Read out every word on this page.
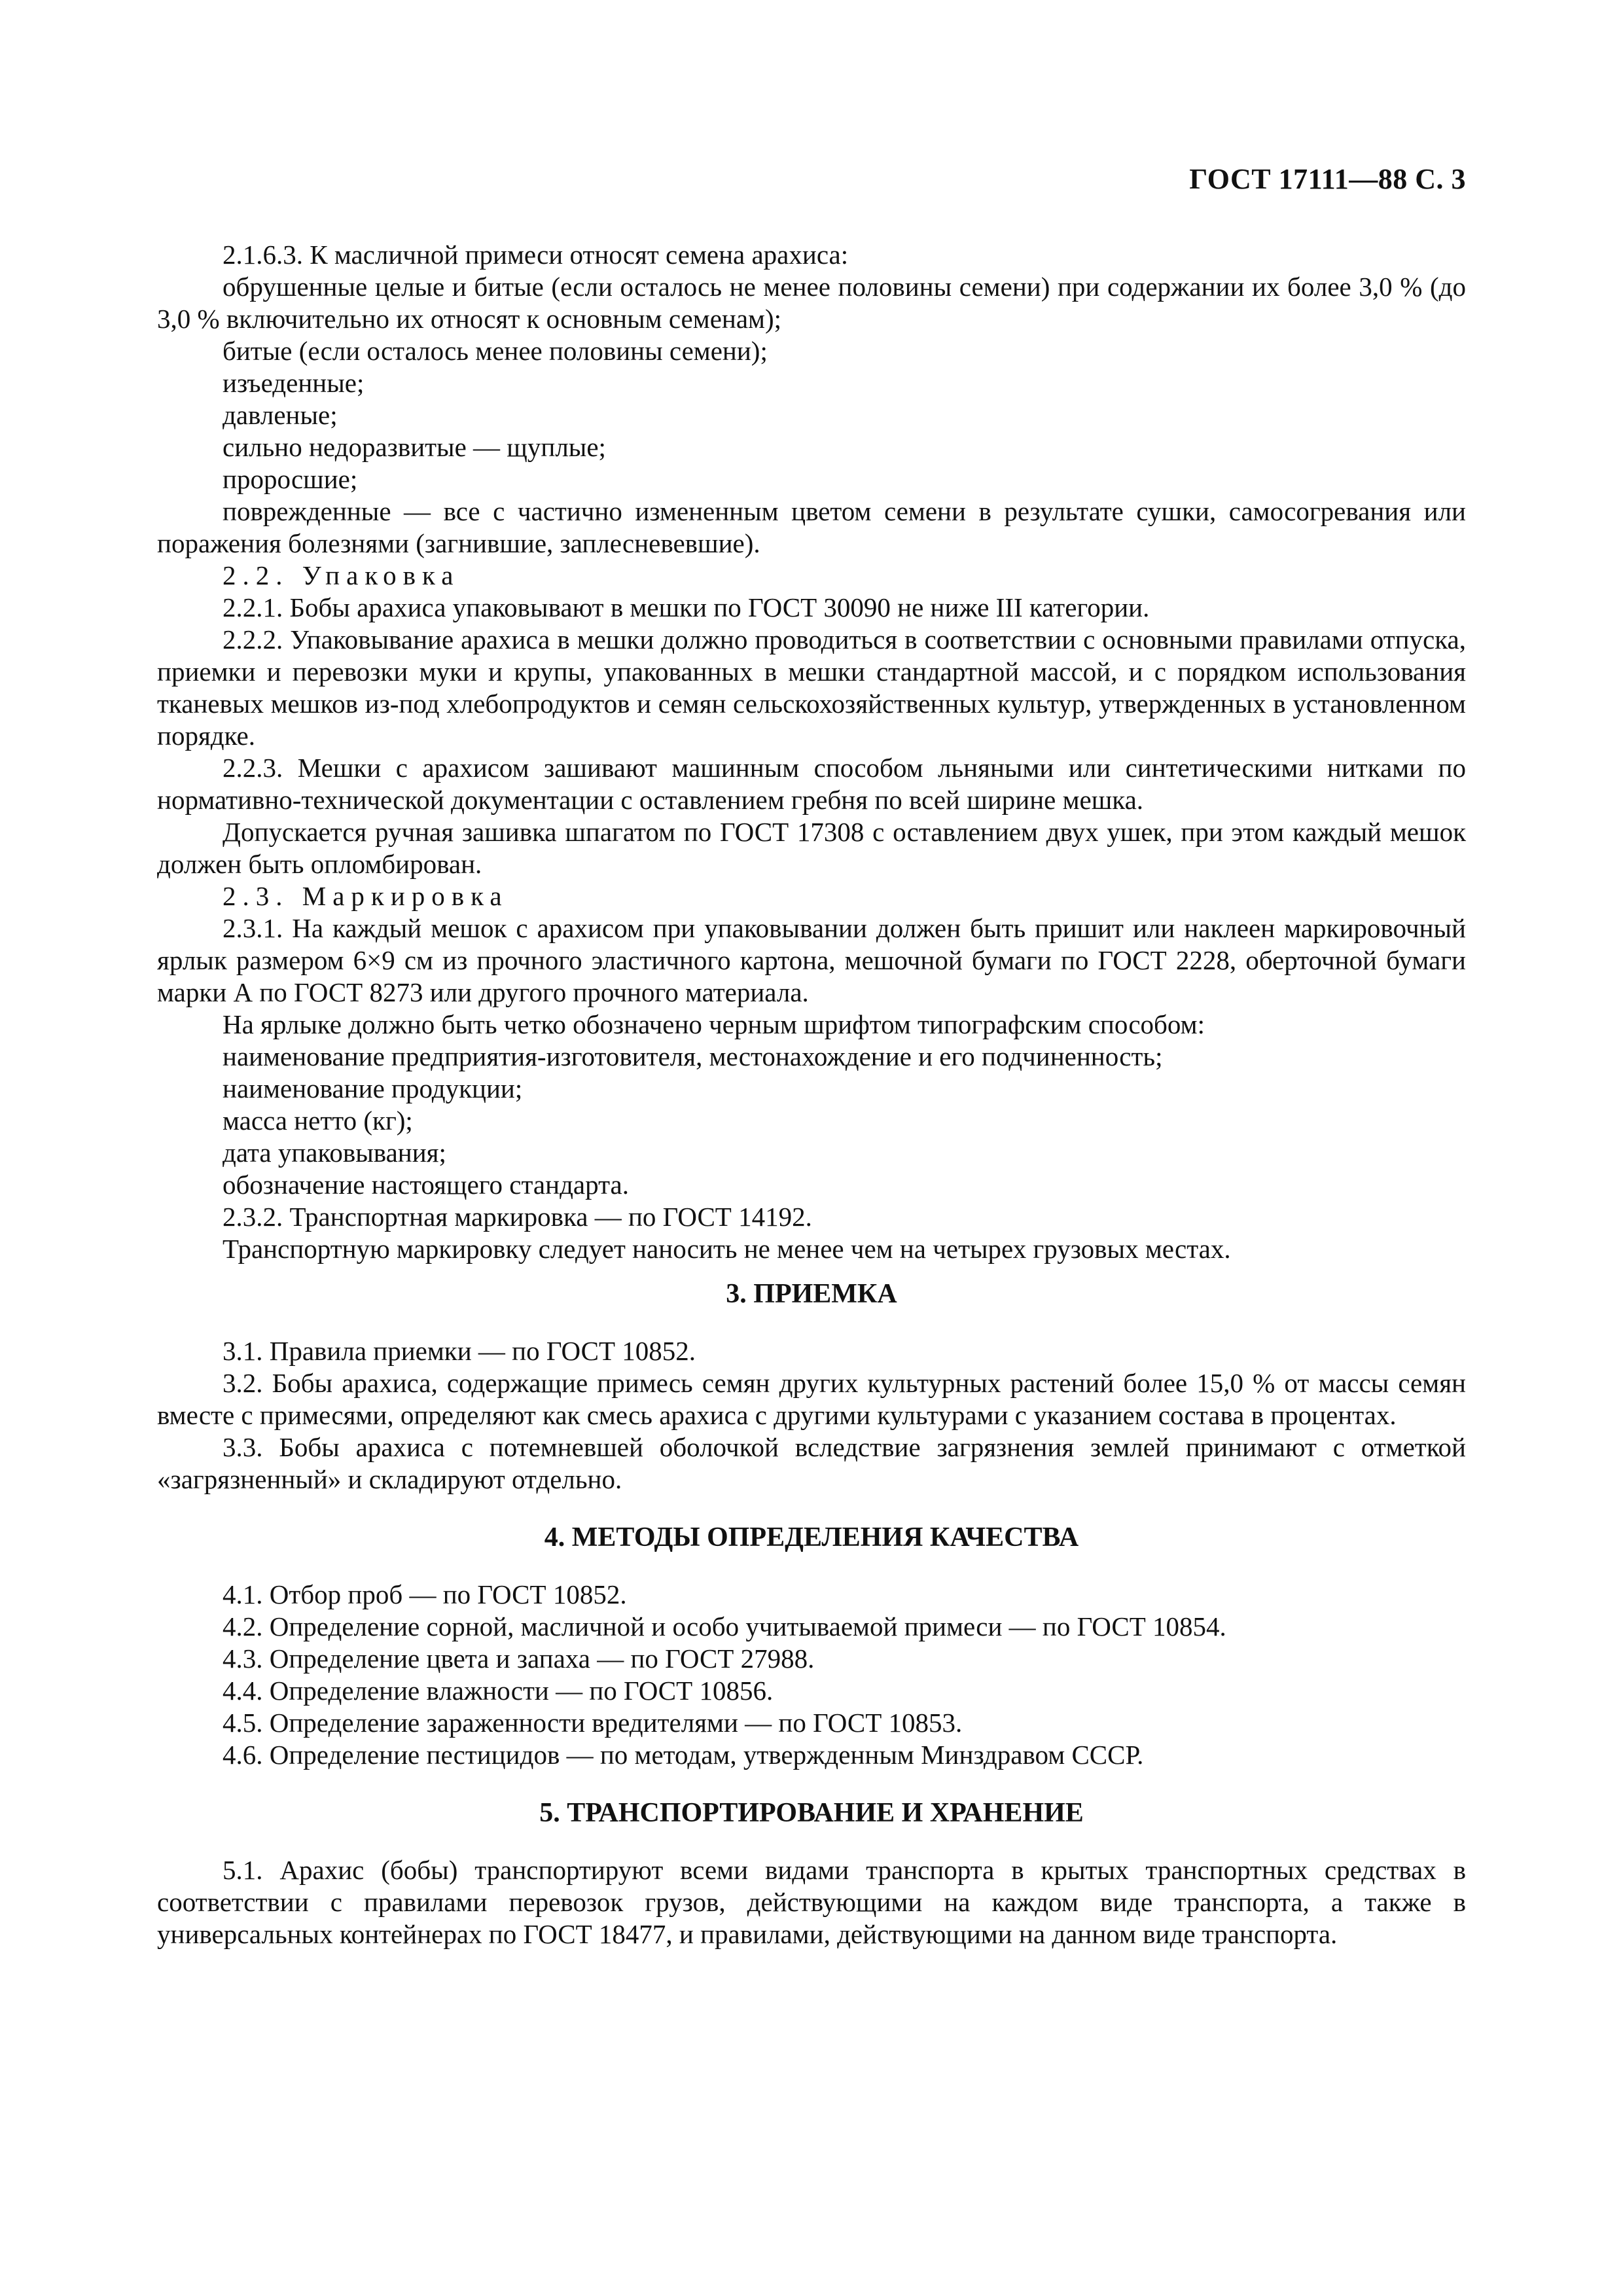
ГОСТ 17111—88 С. 3

2.1.6.3. К масличной примеси относят семена арахиса:

обрушенные целые и битые (если осталось не менее половины семени) при содержании их более 3,0 % (до 3,0 % включительно их относят к основным семенам);

битые (если осталось менее половины семени);

изъеденные;

давленые;

сильно недоразвитые — щуплые;

проросшие;

поврежденные — все с частично измененным цветом семени в результате сушки, самосогревания или поражения болезнями (загнившие, заплесневевшие).

2.2. Упаковка

2.2.1. Бобы арахиса упаковывают в мешки по ГОСТ 30090 не ниже III категории.

2.2.2. Упаковывание арахиса в мешки должно проводиться в соответствии с основными правилами отпуска, приемки и перевозки муки и крупы, упакованных в мешки стандартной массой, и с порядком использования тканевых мешков из-под хлебопродуктов и семян сельскохозяйственных культур, утвержденных в установленном порядке.

2.2.3. Мешки с арахисом зашивают машинным способом льняными или синтетическими нитками по нормативно-технической документации с оставлением гребня по всей ширине мешка.

Допускается ручная зашивка шпагатом по ГОСТ 17308 с оставлением двух ушек, при этом каждый мешок должен быть опломбирован.

2.3. Маркировка

2.3.1. На каждый мешок с арахисом при упаковывании должен быть пришит или наклеен маркировочный ярлык размером 6×9 см из прочного эластичного картона, мешочной бумаги по ГОСТ 2228, оберточной бумаги марки А по ГОСТ 8273 или другого прочного материала.

На ярлыке должно быть четко обозначено черным шрифтом типографским способом:

наименование предприятия-изготовителя, местонахождение и его подчиненность;

наименование продукции;

масса нетто (кг);

дата упаковывания;

обозначение настоящего стандарта.

2.3.2. Транспортная маркировка — по ГОСТ 14192.

Транспортную маркировку следует наносить не менее чем на четырех грузовых местах.

3. ПРИЕМКА

3.1. Правила приемки — по ГОСТ 10852.

3.2. Бобы арахиса, содержащие примесь семян других культурных растений более 15,0 % от массы семян вместе с примесями, определяют как смесь арахиса с другими культурами с указанием состава в процентах.

3.3. Бобы арахиса с потемневшей оболочкой вследствие загрязнения землей принимают с отметкой «загрязненный» и складируют отдельно.

4. МЕТОДЫ ОПРЕДЕЛЕНИЯ КАЧЕСТВА

4.1. Отбор проб — по ГОСТ 10852.

4.2. Определение сорной, масличной и особо учитываемой примеси — по ГОСТ 10854.

4.3. Определение цвета и запаха — по ГОСТ 27988.

4.4. Определение влажности — по ГОСТ 10856.

4.5. Определение зараженности вредителями — по ГОСТ 10853.

4.6. Определение пестицидов — по методам, утвержденным Минздравом СССР.

5. ТРАНСПОРТИРОВАНИЕ И ХРАНЕНИЕ

5.1. Арахис (бобы) транспортируют всеми видами транспорта в крытых транспортных средствах в соответствии с правилами перевозок грузов, действующими на каждом виде транспорта, а также в универсальных контейнерах по ГОСТ 18477, и правилами, действующими на данном виде транспорта.
